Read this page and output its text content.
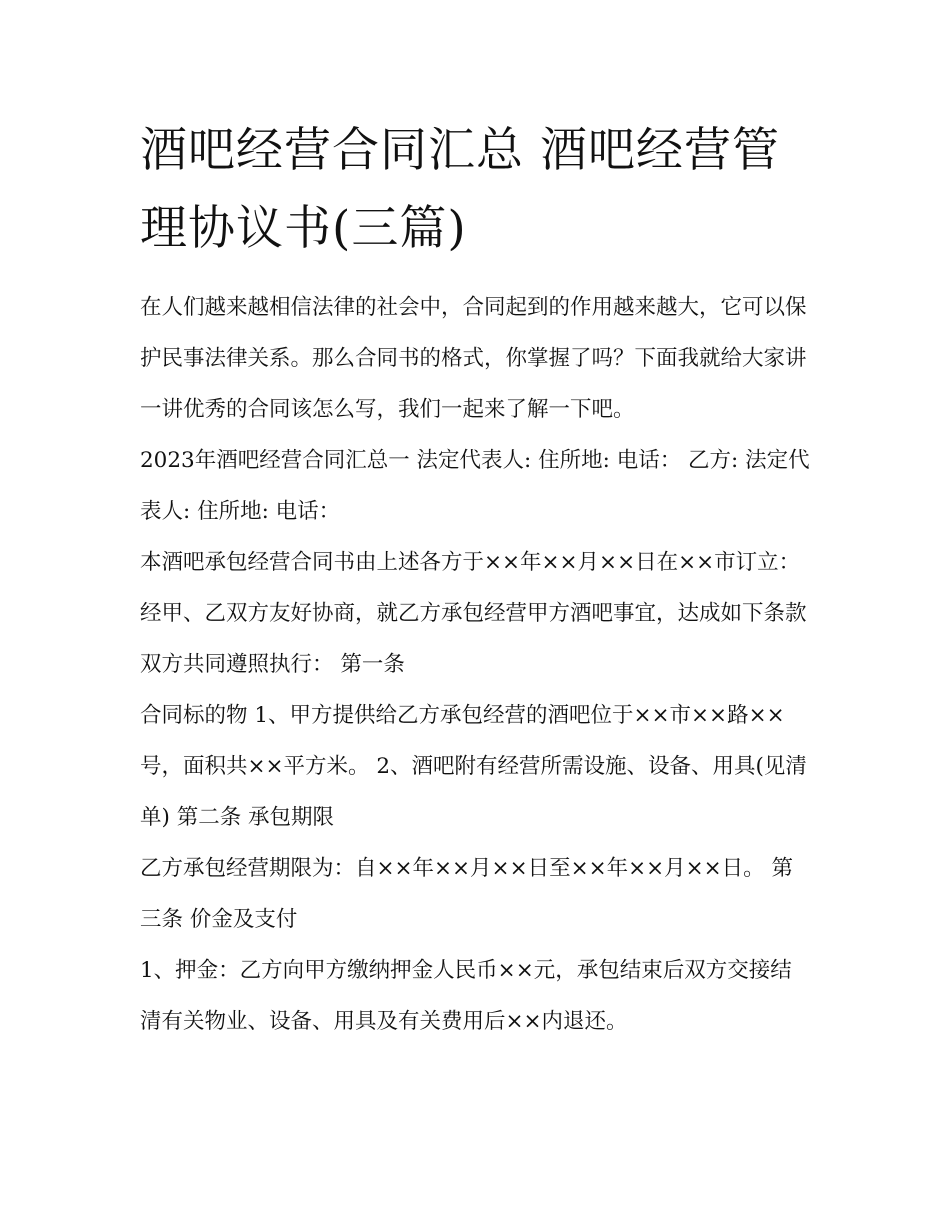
酒吧经营合同汇总 酒吧经营管理协议书(三篇)

在人们越来越相信法律的社会中，合同起到的作用越来越大，它可以保护民事法律关系。那么合同书的格式，你掌握了吗？下面我就给大家讲一讲优秀的合同该怎么写，我们一起来了解一下吧。

2023年酒吧经营合同汇总一 法定代表人: 住所地: 电话： 乙方: 法定代表人: 住所地: 电话：

本酒吧承包经营合同书由上述各方于××年××月××日在××市订立： 经甲、乙双方友好协商，就乙方承包经营甲方酒吧事宜，达成如下条款双方共同遵照执行： 第一条

合同标的物 1、甲方提供给乙方承包经营的酒吧位于××市××路××号，面积共××平方米。 2、酒吧附有经营所需设施、设备、用具(见清单) 第二条 承包期限

乙方承包经营期限为：自××年××月××日至××年××月××日。 第三条 价金及支付

1、押金：乙方向甲方缴纳押金人民币××元，承包结束后双方交接结清有关物业、设备、用具及有关费用后××内退还。
